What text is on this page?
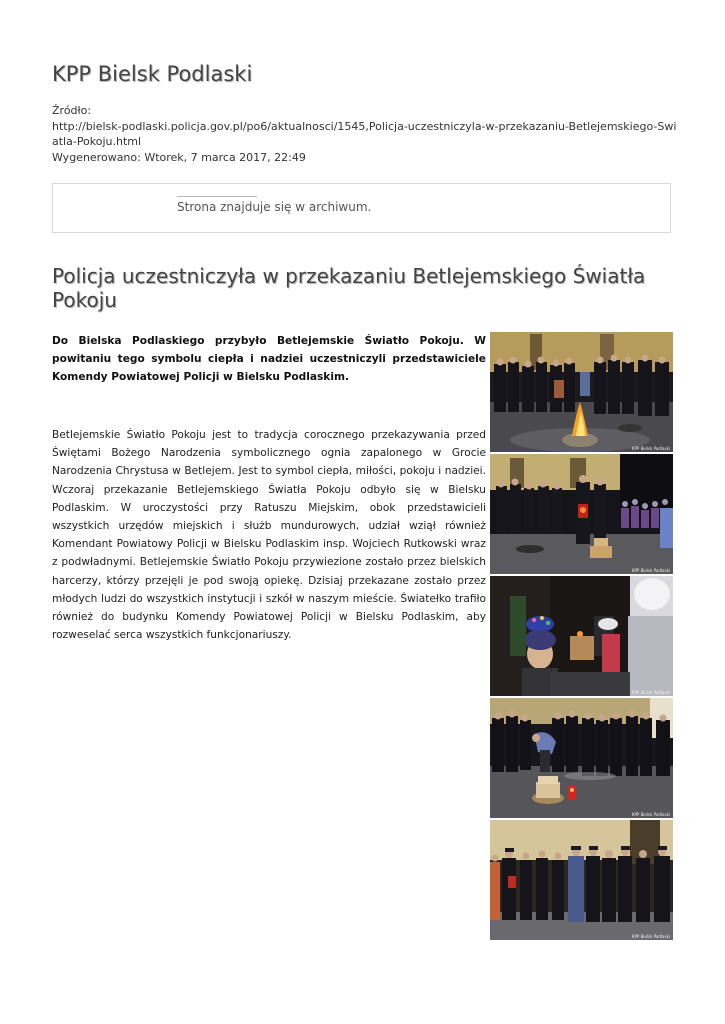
KPP Bielsk Podlaski
Źródło:
http://bielsk-podlaski.policja.gov.pl/po6/aktualnosci/1545,Policja-uczestniczyla-w-przekazaniu-Betlejemskiego-Swiatla-Pokoju.html
Wygenerowano: Wtorek, 7 marca 2017, 22:49
Strona znajduje się w archiwum.
Policja uczestniczyła w przekazaniu Betlejemskiego Światła Pokoju
Do Bielska Podlaskiego przybyło Betlejemskie Światło Pokoju. W powitaniu tego symbolu ciepła i nadziei uczestniczyli przedstawiciele Komendy Powiatowej Policji w Bielsku Podlaskim.
Betlejemskie Światło Pokoju jest to tradycja corocznego przekazywania przed Świętami Bożego Narodzenia symbolicznego ognia zapalonego w Grocie Narodzenia Chrystusa w Betlejem. Jest to symbol ciepła, miłości, pokoju i nadziei. Wczoraj przekazanie Betlejemskiego Światła Pokoju odbyło się w Bielsku Podlaskim. W uroczystości przy Ratuszu Miejskim, obok przedstawicieli wszystkich urzędów miejskich i służb mundurowych, udział wziął również Komendant Powiatowy Policji w Bielsku Podlaskim insp. Wojciech Rutkowski wraz z podwładnymi. Betlejemskie Światło Pokoju przywiezione zostało przez bielskich harcerzy, którzy przejęli je pod swoją opiekę. Dzisiaj przekazane zostało przez młodych ludzi do wszystkich instytucji i szkół w naszym mieście. Światełko trafiło również do budynku Komendy Powiatowej Policji w Bielsku Podlaskim, aby rozweselać serca wszystkich funkcjonariuszy.
KPP Bielsk Podlaski
KPP Bielsk Podlaski
KPP Bielsk Podlaski
KPP Bielsk Podlaski
KPP Bielsk Podlaski
